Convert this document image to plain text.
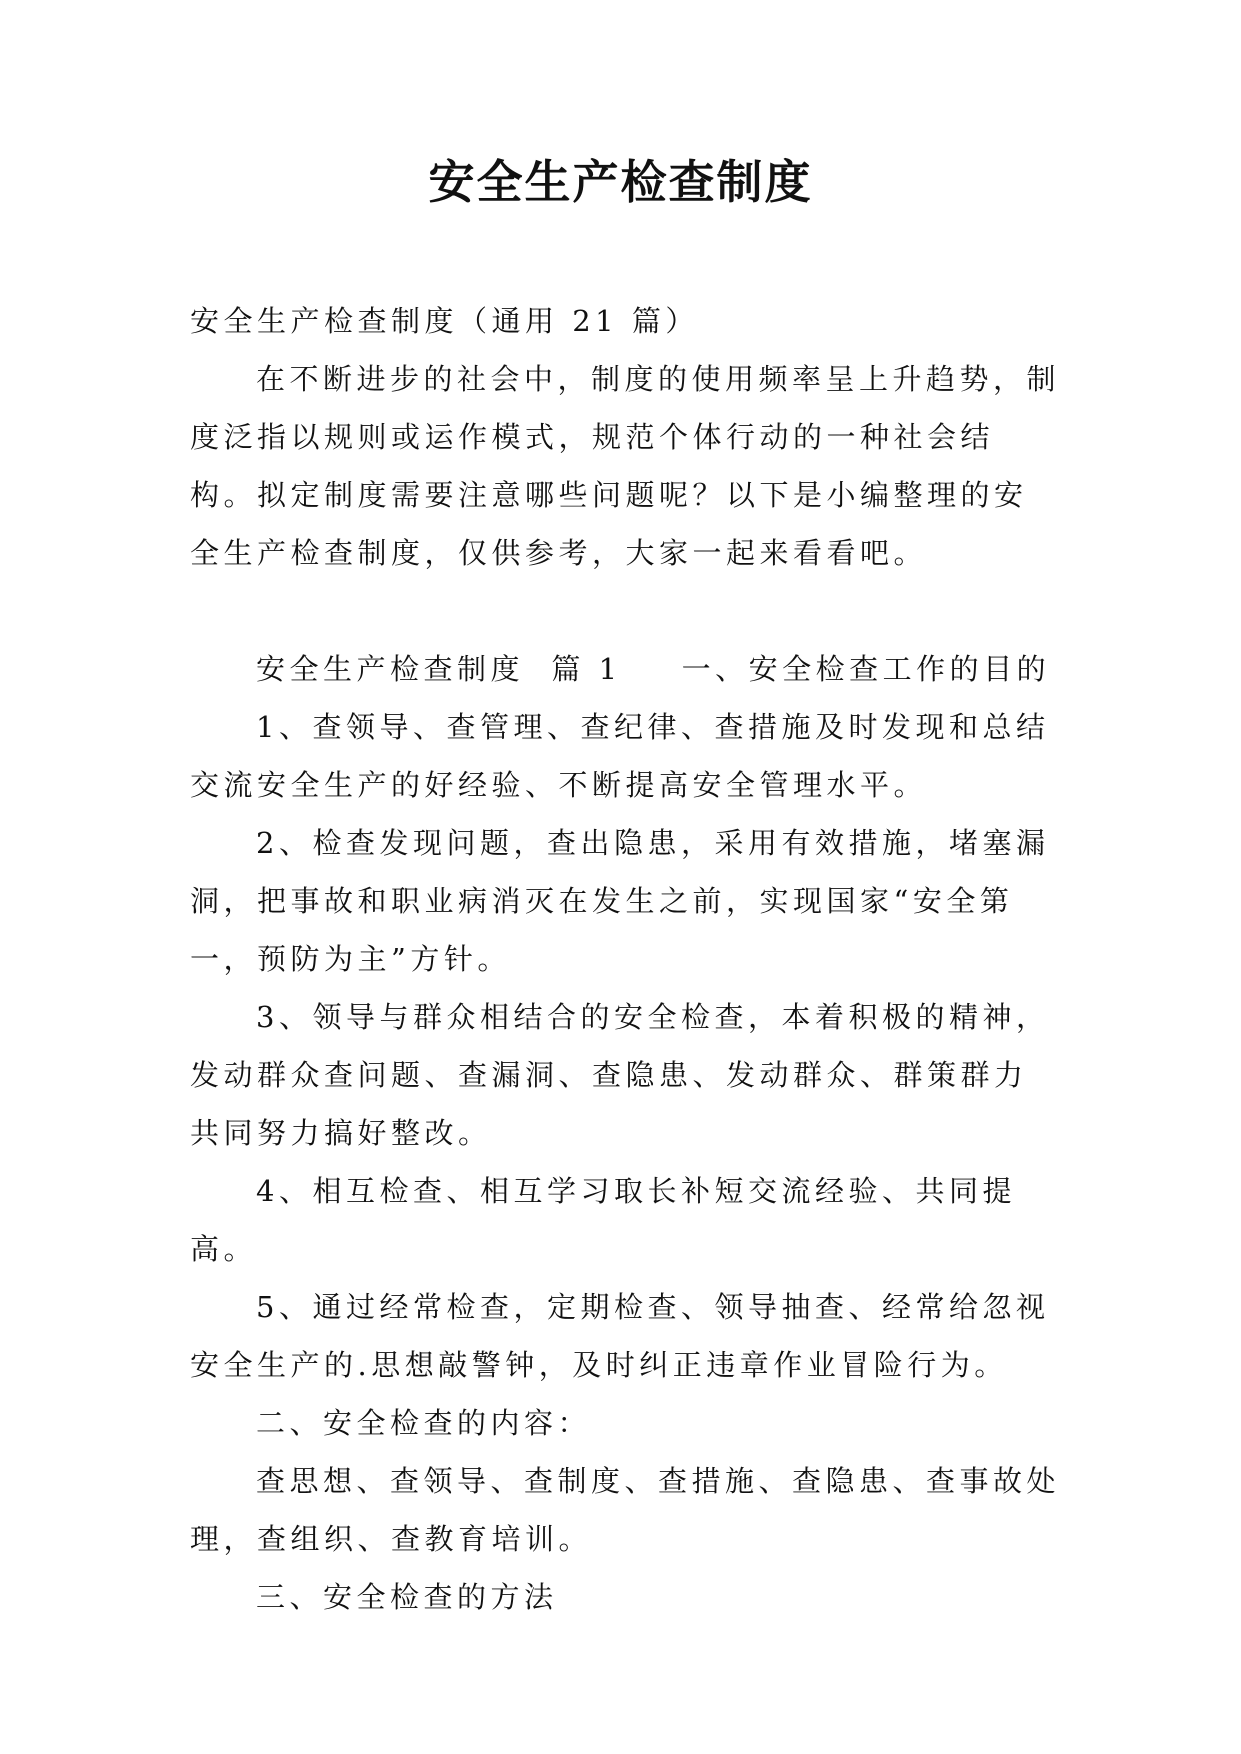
安全生产检查制度

安全生产检查制度（通用 21 篇）

在不断进步的社会中，制度的使用频率呈上升趋势，制度泛指以规则或运作模式，规范个体行动的一种社会结构。拟定制度需要注意哪些问题呢？以下是小编整理的安全生产检查制度，仅供参考，大家一起来看看吧。

安全生产检查制度  篇 1 一、安全检查工作的目的

1、查领导、查管理、查纪律、查措施及时发现和总结交流安全生产的好经验、不断提高安全管理水平。

2、检查发现问题，查出隐患，采用有效措施，堵塞漏洞，把事故和职业病消灭在发生之前，实现国家“安全第一，预防为主”方针。

3、领导与群众相结合的安全检查，本着积极的精神，发动群众查问题、查漏洞、查隐患、发动群众、群策群力共同努力搞好整改。

4、相互检查、相互学习取长补短交流经验、共同提高。

5、通过经常检查，定期检查、领导抽查、经常给忽视安全生产的.思想敲警钟，及时纠正违章作业冒险行为。

二、安全检查的内容：

查思想、查领导、查制度、查措施、查隐患、查事故处理，查组织、查教育培训。

三、安全检查的方法
